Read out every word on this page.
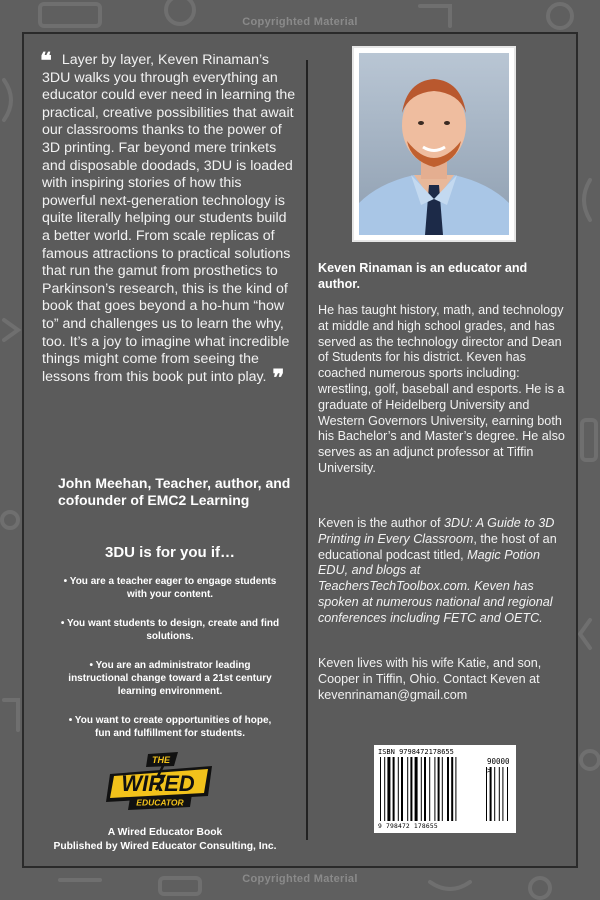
Copyrighted Material
❝ Layer by layer, Keven Rinaman’s 3DU walks you through everything an educator could ever need in learning the practical, creative possibilities that await our classrooms thanks to the power of 3D printing. Far beyond mere trinkets and disposable doodads, 3DU is loaded with inspiring stories of how this powerful next-generation technology is quite literally helping our students build a better world. From scale replicas of famous attractions to practical solutions that run the gamut from prosthetics to Parkinson’s research, this is the kind of book that goes beyond a ho-hum “how to” and challenges us to learn the why, too. It’s a joy to imagine what incredible things might come from seeing the lessons from this book put into play. ❞
John Meehan, Teacher, author, and cofounder of EMC2 Learning
3DU is for you if…
• You are a teacher eager to engage students with your content.
• You want students to design, create and find solutions.
• You are an administrator leading instructional change toward a 21st century learning environment.
• You want to create opportunities of hope, fun and fulfillment for students.
THE
WIRED
EDUCATOR
A Wired Educator Book
Published by Wired Educator Consulting, Inc.
Keven Rinaman is an educator and author.

He has taught history, math, and technology at middle and high school grades, and has served as the technology director and Dean of Students for his district. Keven has coached numerous sports including: wrestling, golf, baseball and esports. He is a graduate of Heidelberg University and Western Governors University, earning both his Bachelor’s and Master’s degree. He also serves as an adjunct professor at Tiffin University.

Keven is the author of 3DU: A Guide to 3D Printing in Every Classroom, the host of an educational podcast titled, Magic Potion EDU, and blogs at TeachersTechToolbox.com. Keven has spoken at numerous national and regional conferences including FETC and OETC.

Keven lives with his wife Katie, and son, Cooper in Tiffin, Ohio. Contact Keven at kevenrinaman@gmail.com

ISBN 9798472178655
90000 >
9 798472 178655
Copyrighted Material
